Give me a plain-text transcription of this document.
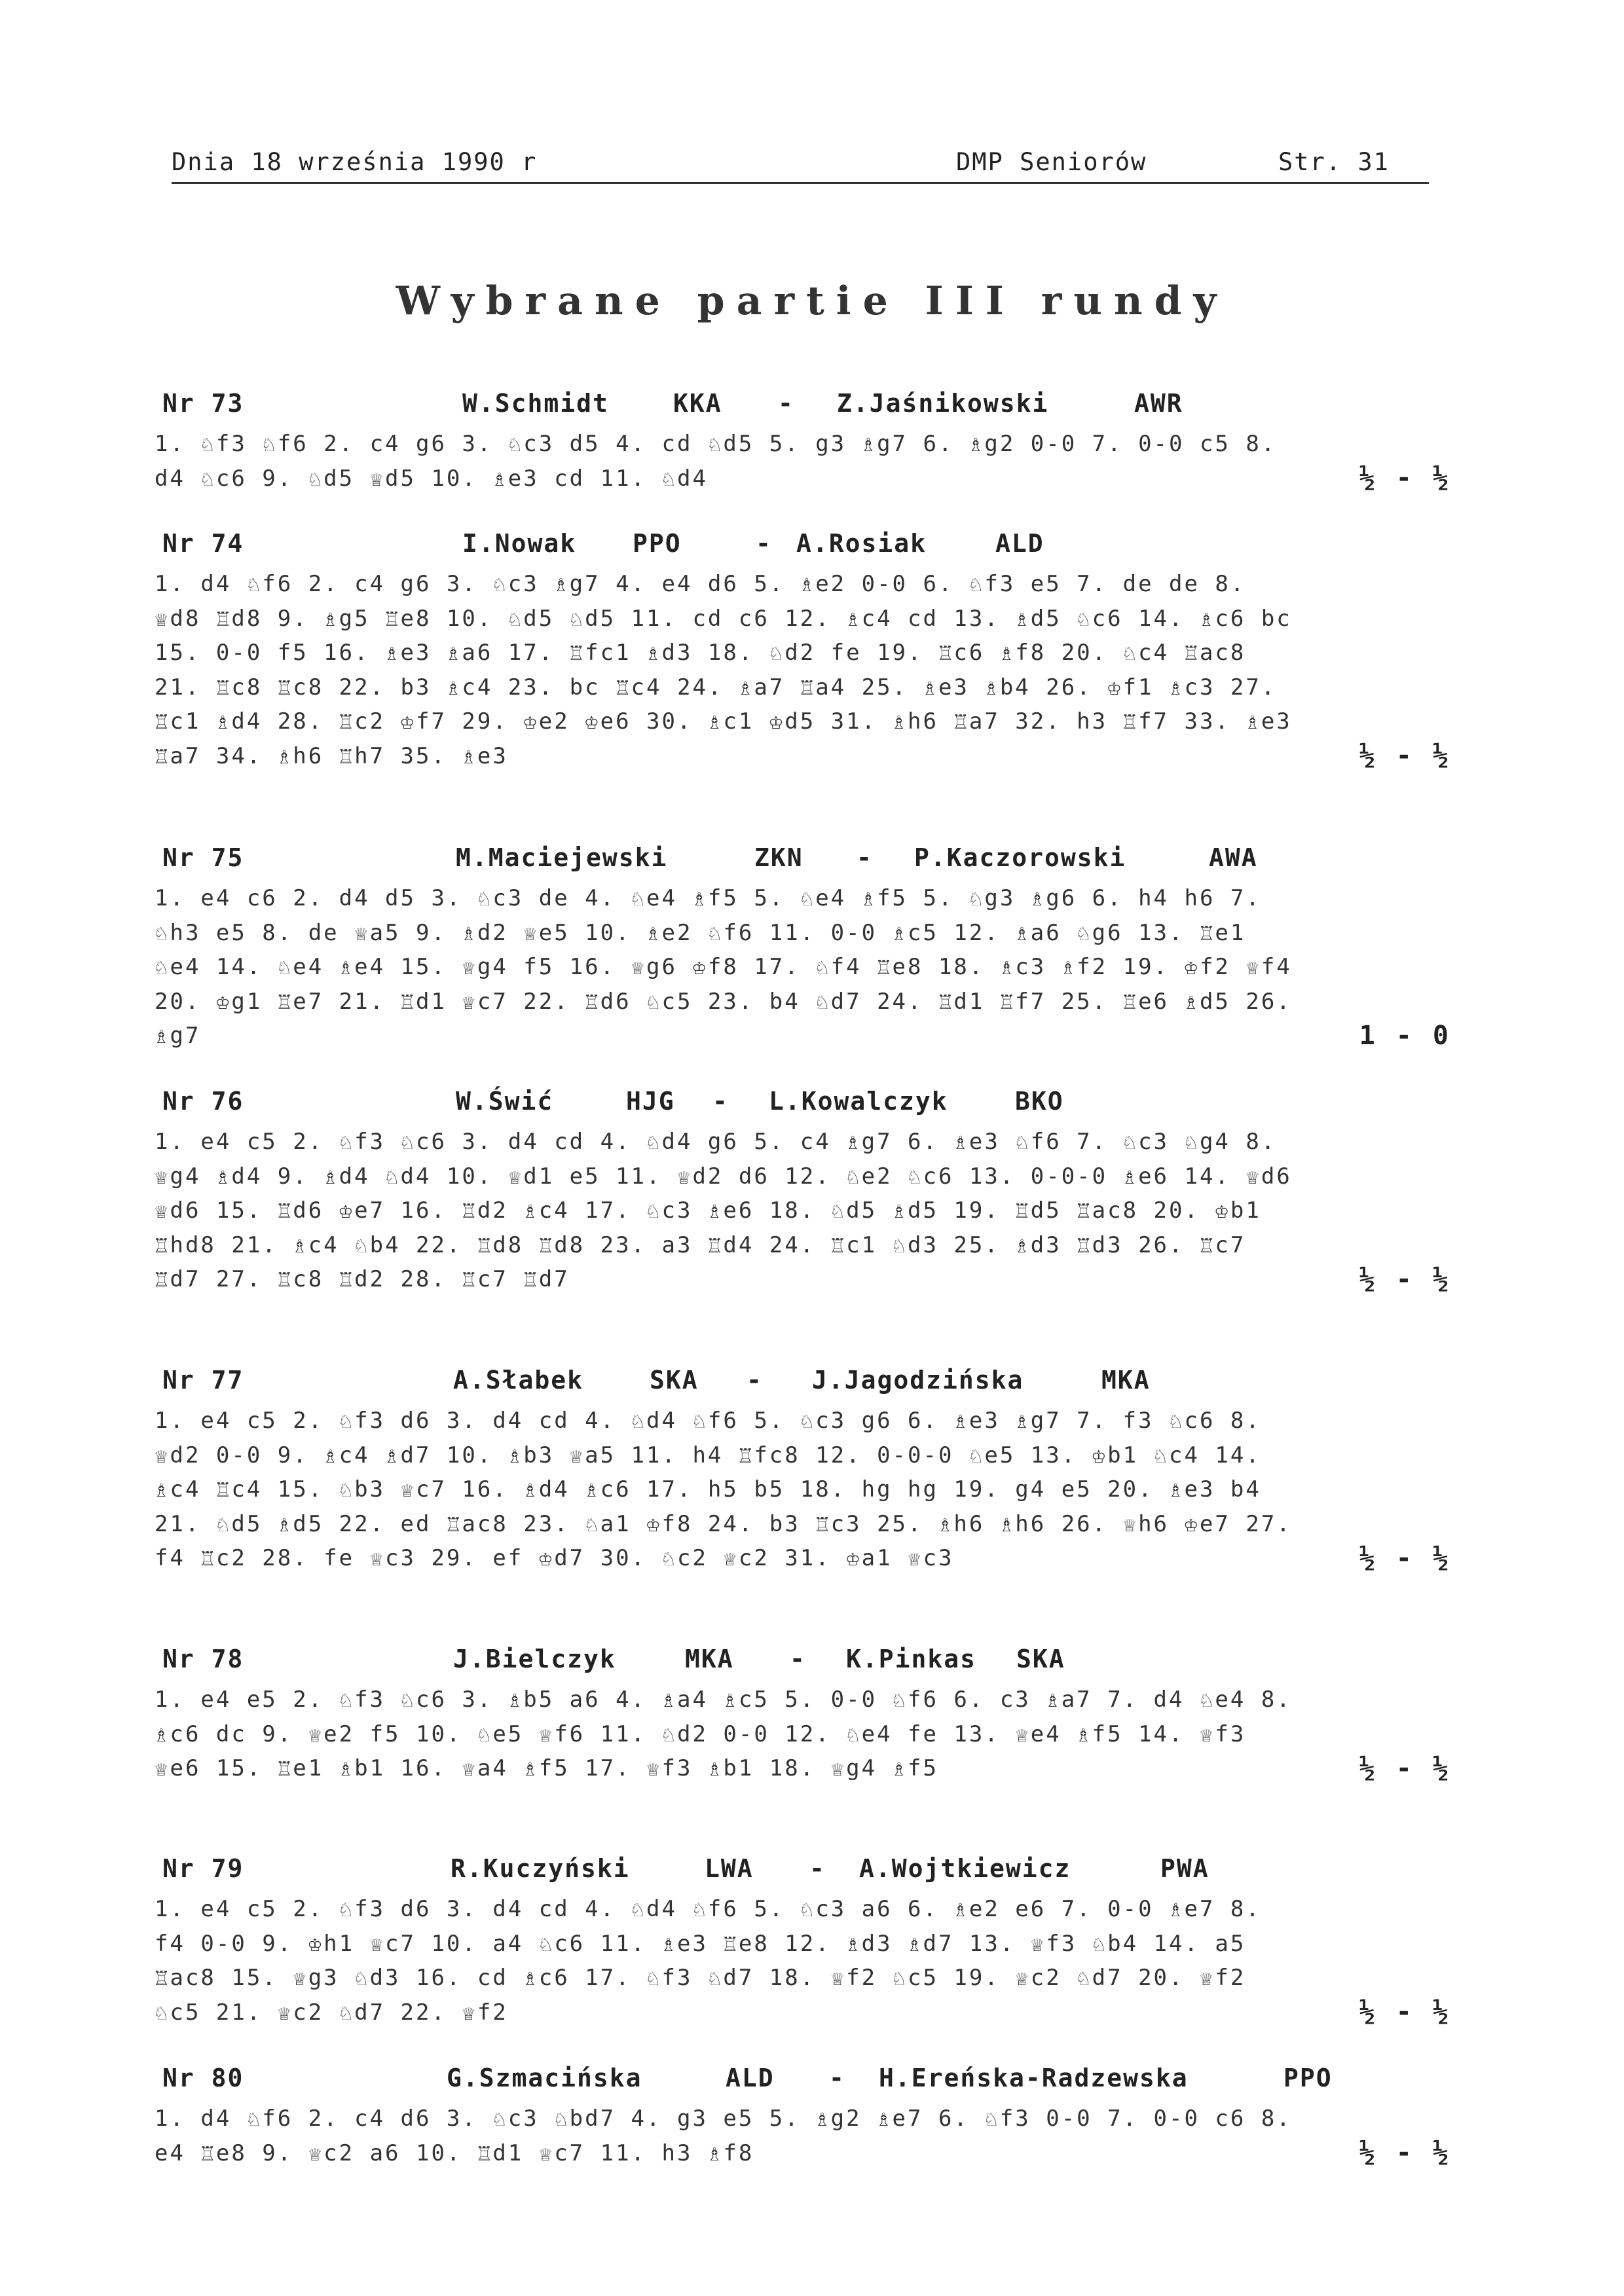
Dnia 18 września 1990 r	DMP Seniorów	Str. 31
Wybrane partie III rundy
Nr 73	W.Schmidt	KKA - Z.Jaśnikowski	AWR
1. ♘f3 ♘f6 2. c4 g6 3. ♘c3 d5 4. cd ♘d5 5. g3 ♗g7 6. ♗g2 0-0 7. 0-0 c5 8. d4 ♘c6 9. ♘d5 ♕d5 10. ♗e3 cd 11. ♘d4	½ - ½
Nr 74	I.Nowak PPO	- A.Rosiak	ALD
1. d4 ♘f6 2. c4 g6 3. ♘c3 ♗g7 4. e4 d6 5. ♗e2 0-0 6. ♘f3 e5 7. de de 8. ♕d8 ♖d8 9. ♗g5 ♖e8 10. ♘d5 ♘d5 11. cd c6 12. ♗c4 cd 13. ♗d5 ♘c6 14. ♗c6 bc 15. 0-0 f5 16. ♗e3 ♗a6 17. ♖fc1 ♗d3 18. ♘d2 fe 19. ♖c6 ♗f8 20. ♘c4 ♖ac8 21. ♖c8 ♖c8 22. b3 ♗c4 23. bc ♖c4 24. ♗a7 ♖a4 25. ♗e3 ♗b4 26. ♔f1 ♗c3 27. ♖c1 ♗d4 28. ♖c2 ♔f7 29. ♔e2 ♔e6 30. ♗c1 ♔d5 31. ♗h6 ♖a7 32. h3 ♖f7 33. ♗e3 ♖a7 34. ♗h6 ♖h7 35. ♗e3	½ - ½
Nr 75	M.Maciejewski	ZKN - P.Kaczorowski	AWA
1. e4 c6 2. d4 d5 3. ♘c3 de 4. ♘e4 ♗f5 5. ♘e4 ♗f5 5. ♘g3 ♗g6 6. h4 h6 7. ♘h3 e5 8. de ♕a5 9. ♗d2 ♕e5 10. ♗e2 ♘f6 11. 0-0 ♗c5 12. ♗a6 ♘g6 13. ♖e1 ♘e4 14. ♘e4 ♗e4 15. ♕g4 f5 16. ♕g6 ♔f8 17. ♘f4 ♖e8 18. ♗c3 ♗f2 19. ♔f2 ♕f4 20. ♔g1 ♖e7 21. ♖d1 ♕c7 22. ♖d6 ♘c5 23. b4 ♘d7 24. ♖d1 ♖f7 25. ♖e6 ♗d5 26. ♗g7	1 - 0
Nr 76	W.Świć	HJG - L.Kowalczyk	BKO
1. e4 c5 2. ♘f3 ♘c6 3. d4 cd 4. ♘d4 g6 5. c4 ♗g7 6. ♗e3 ♘f6 7. ♘c3 ♘g4 8. ♕g4 ♗d4 9. ♗d4 ♘d4 10. ♕d1 e5 11. ♕d2 d6 12. ♘e2 ♘c6 13. 0-0-0 ♗e6 14. ♕d6 ♕d6 15. ♖d6 ♔e7 16. ♖d2 ♗c4 17. ♘c3 ♗e6 18. ♘d5 ♗d5 19. ♖d5 ♖ac8 20. ♔b1 ♖hd8 21. ♗c4 ♘b4 22. ♖d8 ♖d8 23. a3 ♖d4 24. ♖c1 ♘d3 25. ♗d3 ♖d3 26. ♖c7 ♖d7 27. ♖c8 ♖d2 28. ♖c7 ♖d7	½ - ½
Nr 77	A.Słabek	SKA - J.Jagodzińska	MKA
1. e4 c5 2. ♘f3 d6 3. d4 cd 4. ♘d4 ♘f6 5. ♘c3 g6 6. ♗e3 ♗g7 7. f3 ♘c6 8. ♕d2 0-0 9. ♗c4 ♗d7 10. ♗b3 ♕a5 11. h4 ♖fc8 12. 0-0-0 ♘e5 13. ♔b1 ♘c4 14. ♗c4 ♖c4 15. ♘b3 ♕c7 16. ♗d4 ♗c6 17. h5 b5 18. hg hg 19. g4 e5 20. ♗e3 b4 21. ♘d5 ♗d5 22. ed ♖ac8 23. ♘a1 ♔f8 24. b3 ♖c3 25. ♗h6 ♗h6 26. ♕h6 ♔e7 27. f4 ♖c2 28. fe ♕c3 29. ef ♔d7 30. ♘c2 ♕c2 31. ♔a1 ♕c3	½ - ½
Nr 78	J.Bielczyk	MKA - K.Pinkas SKA
1. e4 e5 2. ♘f3 ♘c6 3. ♗b5 a6 4. ♗a4 ♗c5 5. 0-0 ♘f6 6. c3 ♗a7 7. d4 ♘e4 8. ♗c6 dc 9. ♕e2 f5 10. ♘e5 ♕f6 11. ♘d2 0-0 12. ♘e4 fe 13. ♕e4 ♗f5 14. ♕f3 ♕e6 15. ♖e1 ♗b1 16. ♕a4 ♗f5 17. ♕f3 ♗b1 18. ♕g4 ♗f5	½ - ½
Nr 79	R.Kuczyński	LWA - A.Wojtkiewicz	PWA
1. e4 c5 2. ♘f3 d6 3. d4 cd 4. ♘d4 ♘f6 5. ♘c3 a6 6. ♗e2 e6 7. 0-0 ♗e7 8. f4 0-0 9. ♔h1 ♕c7 10. a4 ♘c6 11. ♗e3 ♖e8 12. ♗d3 ♗d7 13. ♕f3 ♘b4 14. a5 ♖ac8 15. ♕g3 ♘d3 16. cd ♗c6 17. ♘f3 ♘d7 18. ♕f2 ♘c5 19. ♕c2 ♘d7 20. ♕f2 ♘c5 21. ♕c2 ♘d7 22. ♕f2	½ - ½
Nr 80	G.Szmacińska	ALD - H.Ereńska-Radzewska	PPO
1. d4 ♘f6 2. c4 d6 3. ♘c3 ♘bd7 4. g3 e5 5. ♗g2 ♗e7 6. ♘f3 0-0 7. 0-0 c6 8. e4 ♖e8 9. ♕c2 a6 10. ♖d1 ♕c7 11. h3 ♗f8	½ - ½
